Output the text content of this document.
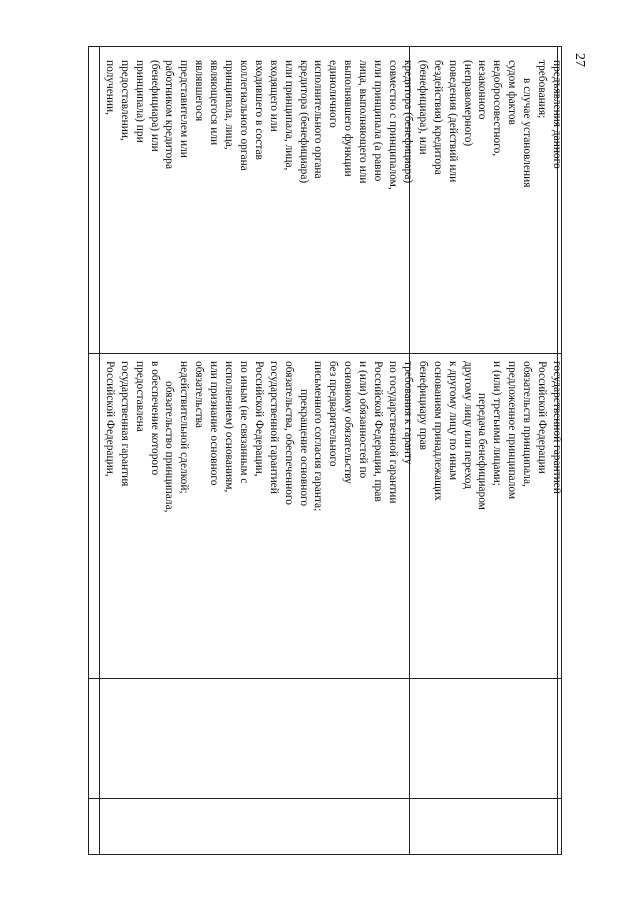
27
предъявления данного
требования;
в случае установления
судом фактов
недобросовестного,
незаконного
(неправомерного)
поведения (действий или
бездействия) кредитора
(бенефициара), или
кредитора (бенефициара)
совместно с принципалом,
или принципала (а равно
лица, выполняющего или
выполнявшего функции
единоличного
исполнительного органа
кредитора (бенефициара)
или принципала, лица,
входящего или
входившего в состав
коллегиального органа
принципала, лица,
являющегося или
являвшегося
представителем или
работником кредитора
(бенефициара) или
принципала) при
предоставлении,
получении,
государственной гарантией
Российской Федерации
обязательств принципала,
предложенное принципалом
и (или) третьими лицами;
передача бенефициаром
другому лицу или переход
к другому лицу по иным
основаниям принадлежащих
бенефициару прав
требования к гаранту
по государственной гарантии
Российской Федерации, прав
и (или) обязанностей по
основному обязательству
без предварительного
письменного согласия гаранта;
прекращение основного
обязательства, обеспеченного
государственной гарантией
Российской Федерации,
по иным (не связанным с
исполнением) основаниям,
или признание основного
обязательства
недействительной сделкой;
обязательство принципала,
в обеспечение которого
предоставлена
государственная гарантия
Российской Федерации,
